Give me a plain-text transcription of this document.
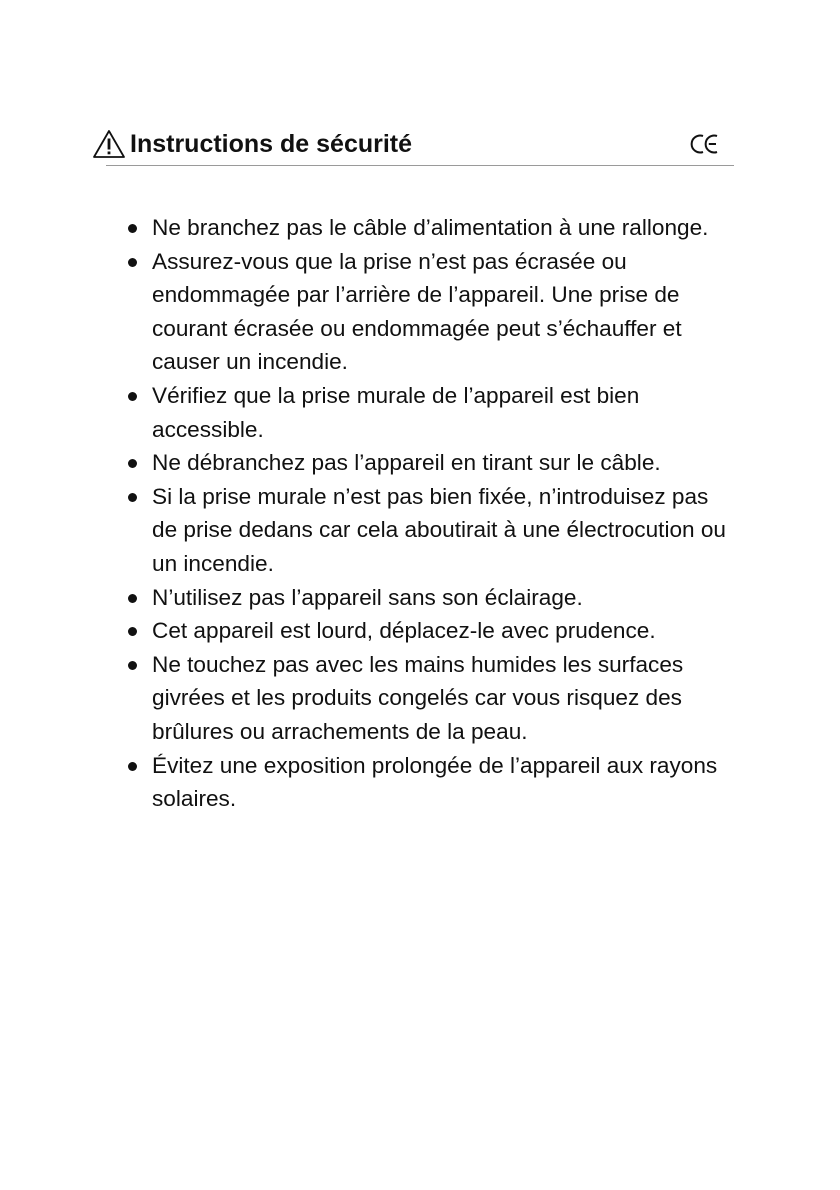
Instructions de sécurité
Ne branchez pas le câble d’alimentation à une rallonge.
Assurez-vous que la prise n’est pas écrasée ou endommagée par l’arrière de l’appareil. Une prise de courant écrasée ou endommagée peut s’échauffer et causer un incendie.
Vérifiez que la prise murale de l’appareil est bien accessible.
Ne débranchez pas l’appareil en tirant sur le câble.
Si la prise murale n’est pas bien fixée, n’introduisez pas de prise dedans car cela aboutirait à une électrocution ou un incendie.
N’utilisez pas l’appareil sans son éclairage.
Cet appareil est lourd, déplacez-le avec prudence.
Ne touchez pas avec les mains humides les surfaces givrées et les produits congelés car vous risquez des brûlures ou arrachements de la peau.
Évitez une exposition prolongée de l’appareil aux rayons solaires.
